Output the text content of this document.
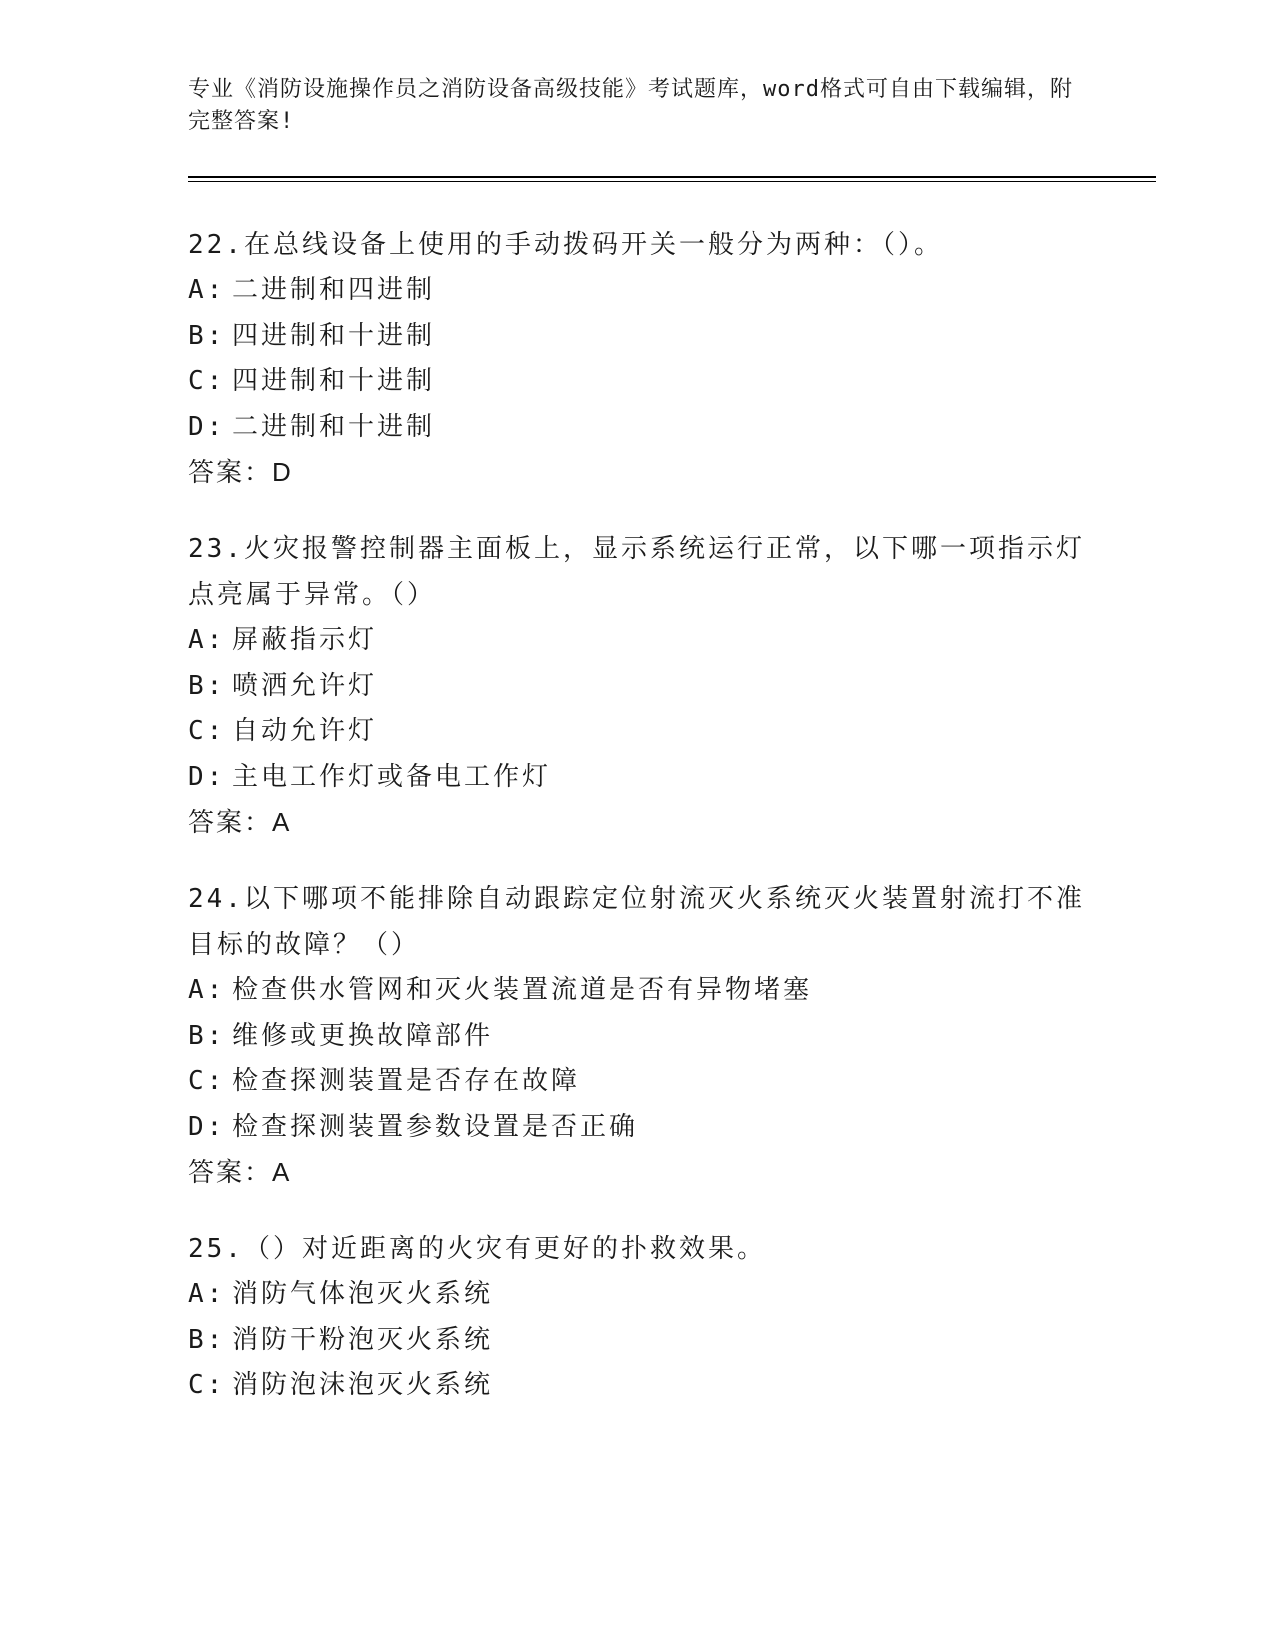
专业《消防设施操作员之消防设备高级技能》考试题库，word格式可自由下载编辑，附完整答案!

22.在总线设备上使用的手动拨码开关一般分为两种：（）。

A: 二进制和四进制

B: 四进制和十进制

C: 四进制和十进制

D: 二进制和十进制

答案：D

23.火灾报警控制器主面板上，显示系统运行正常，以下哪一项指示灯点亮属于异常。（）

A: 屏蔽指示灯

B: 喷洒允许灯

C: 自动允许灯

D: 主电工作灯或备电工作灯

答案：A

24.以下哪项不能排除自动跟踪定位射流灭火系统灭火装置射流打不准目标的故障？（）

A: 检查供水管网和灭火装置流道是否有异物堵塞

B: 维修或更换故障部件

C: 检查探测装置是否存在故障

D: 检查探测装置参数设置是否正确

答案：A

25.（）对近距离的火灾有更好的扑救效果。

A: 消防气体泡灭火系统

B: 消防干粉泡灭火系统

C: 消防泡沫泡灭火系统
